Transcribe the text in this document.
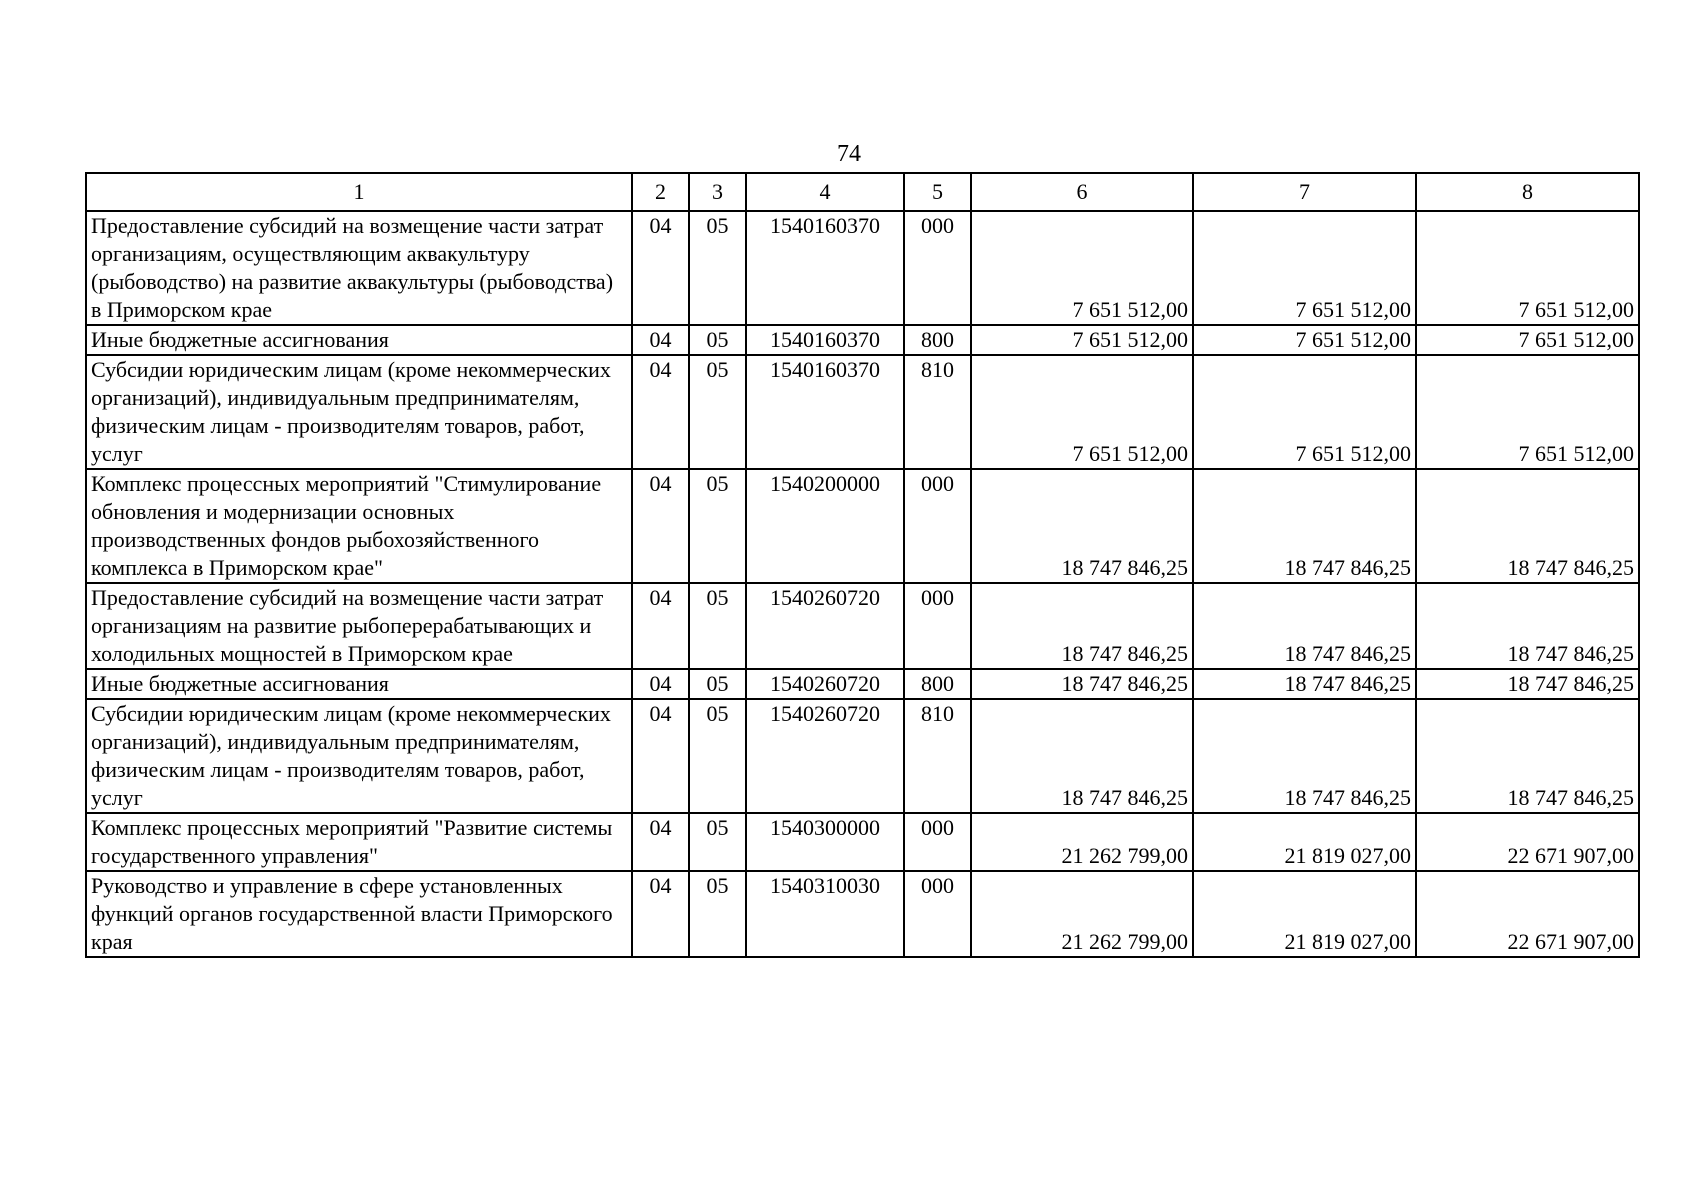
74
1	2	3	4	5	6	7	8
Предоставление субсидий на возмещение части затрат организациям, осуществляющим аквакультуру (рыбоводство) на развитие аквакультуры (рыбоводства) в Приморском крае	04	05	1540160370	000	7 651 512,00	7 651 512,00	7 651 512,00
Иные бюджетные ассигнования	04	05	1540160370	800	7 651 512,00	7 651 512,00	7 651 512,00
Субсидии юридическим лицам (кроме некоммерческих организаций), индивидуальным предпринимателям, физическим лицам - производителям товаров, работ, услуг	04	05	1540160370	810	7 651 512,00	7 651 512,00	7 651 512,00
Комплекс процессных мероприятий "Стимулирование обновления и модернизации основных производственных фондов рыбохозяйственного комплекса в Приморском крае"	04	05	1540200000	000	18 747 846,25	18 747 846,25	18 747 846,25
Предоставление субсидий на возмещение части затрат организациям на развитие рыбоперерабатывающих и холодильных мощностей в Приморском крае	04	05	1540260720	000	18 747 846,25	18 747 846,25	18 747 846,25
Иные бюджетные ассигнования	04	05	1540260720	800	18 747 846,25	18 747 846,25	18 747 846,25
Субсидии юридическим лицам (кроме некоммерческих организаций), индивидуальным предпринимателям, физическим лицам - производителям товаров, работ, услуг	04	05	1540260720	810	18 747 846,25	18 747 846,25	18 747 846,25
Комплекс процессных мероприятий "Развитие системы государственного управления"	04	05	1540300000	000	21 262 799,00	21 819 027,00	22 671 907,00
Руководство и управление в сфере установленных функций органов государственной власти Приморского края	04	05	1540310030	000	21 262 799,00	21 819 027,00	22 671 907,00
